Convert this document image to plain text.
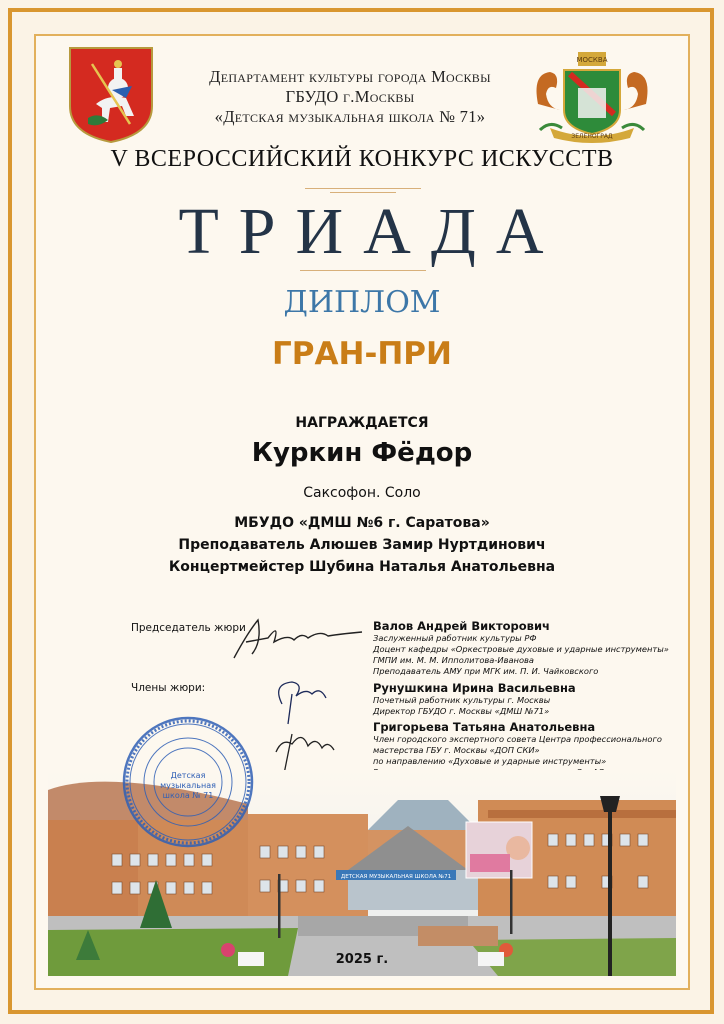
МОСКВА
ЗЕЛЕНОГРАД
Департамент культуры города Москвы
ГБУДО г.Москвы
«Детская музыкальная школа № 71»
V ВСЕРОССИЙСКИЙ КОНКУРС ИСКУССТВ
ТРИАДА
ДИПЛОМ
ГРАН-ПРИ
НАГРАЖДАЕТСЯ
Куркин Фёдор
Саксофон. Соло
МБУДО «ДМШ №6 г. Саратова»
Преподаватель Алюшев Замир Нуртдинович
Концертмейстер Шубина Наталья Анатольевна
Председатель жюри
Члены жюри:
Валов Андрей Викторович
Заслуженный работник культуры РФ
Доцент кафедры «Оркестровые духовые и ударные инструменты»
ГМПИ им. М. М. Ипполитова-Иванова
Преподаватель АМУ при МГК им. П. И. Чайковского
Рунушкина Ирина Васильевна
Почетный работник культуры г. Москвы
Директор ГБУДО г. Москвы «ДМШ №71»
Григорьева Татьяна Анатольевна
Член городского экспертного совета Центра профессионального
мастерства ГБУ г. Москвы «ДОП СКИ»
по направлению «Духовые и ударные инструменты»
ДЕТСКАЯ МУЗЫКАЛЬНАЯ ШКОЛА №71
Детская
музыкальная
школа № 71
2025 г.
